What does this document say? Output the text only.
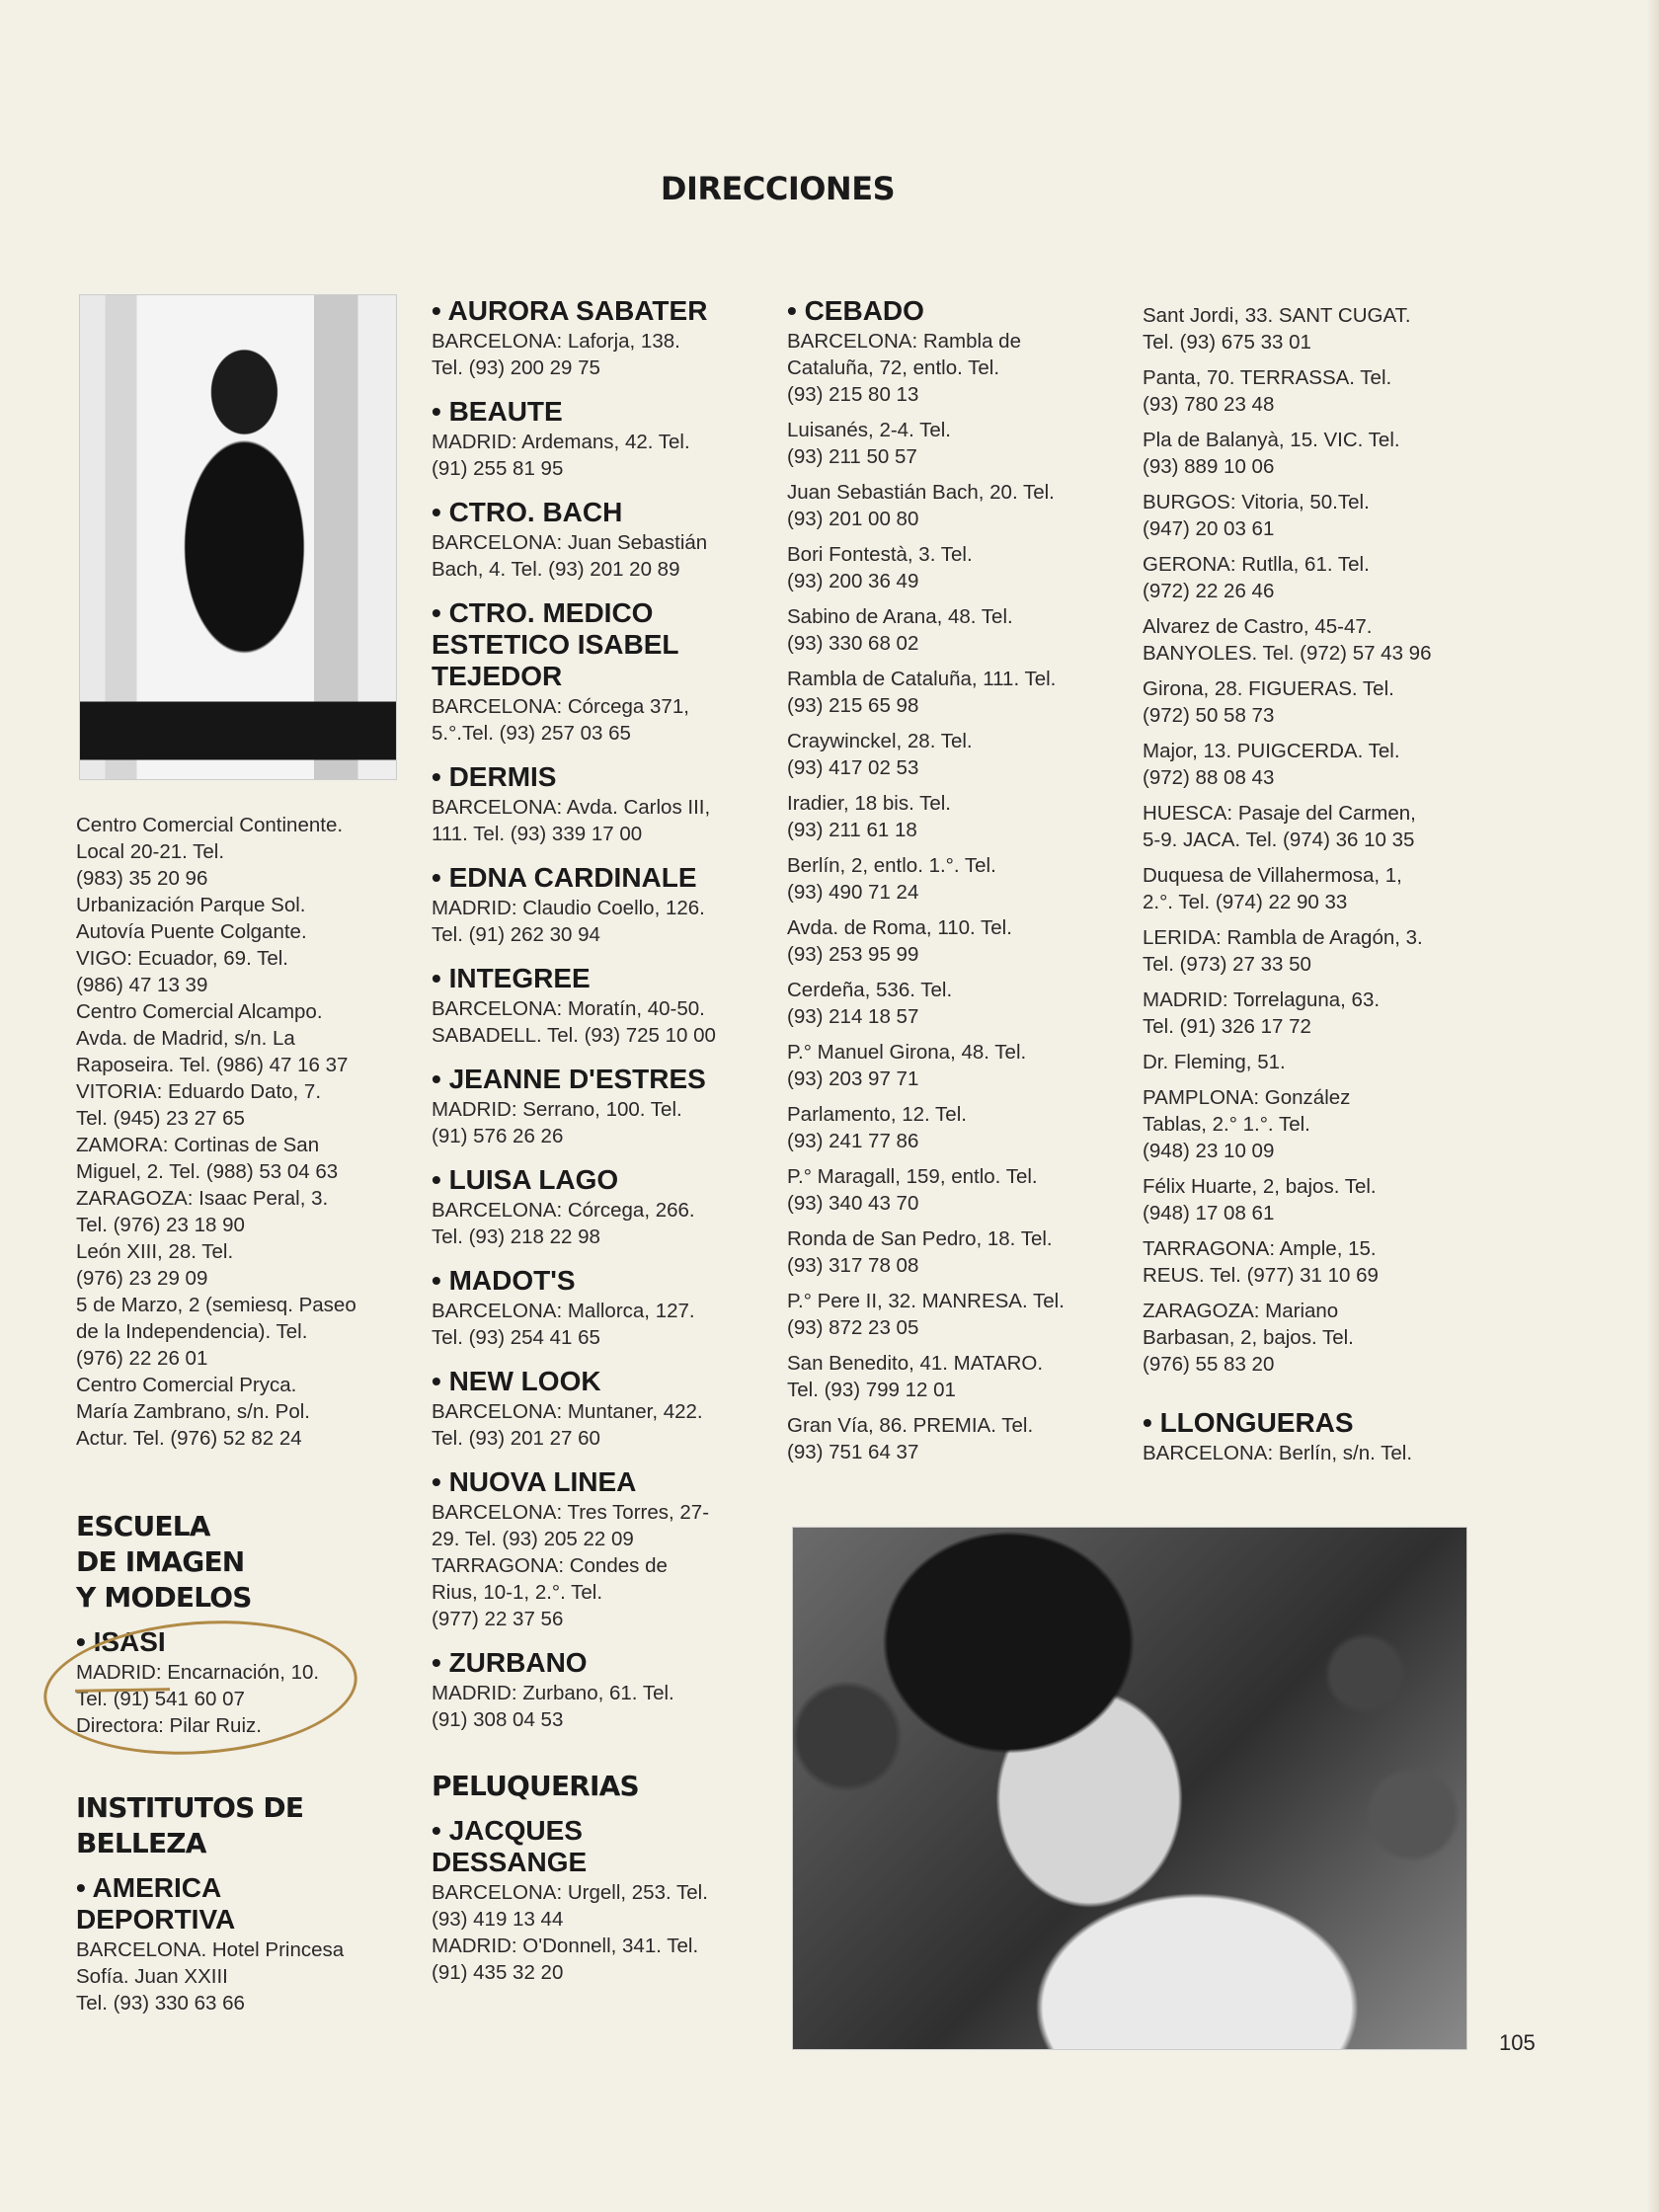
DIRECCIONES
Centro Comercial Continente.
Local 20-21. Tel.
(983) 35 20 96
Urbanización Parque Sol.
Autovía Puente Colgante.
VIGO: Ecuador, 69. Tel.
(986) 47 13 39
Centro Comercial Alcampo.
Avda. de Madrid, s/n. La
Raposeira. Tel. (986) 47 16 37
VITORIA: Eduardo Dato, 7.
Tel. (945) 23 27 65
ZAMORA: Cortinas de San
Miguel, 2. Tel. (988) 53 04 63
ZARAGOZA: Isaac Peral, 3.
Tel. (976) 23 18 90
León XIII, 28. Tel.
(976) 23 29 09
5 de Marzo, 2 (semiesq. Paseo
de la Independencia). Tel.
(976) 22 26 01
Centro Comercial Pryca.
María Zambrano, s/n. Pol.
Actur. Tel. (976) 52 82 24
ESCUELA
DE IMAGEN
Y MODELOS
• ISASI
MADRID: Encarnación, 10.
Tel. (91) 541 60 07
Directora: Pilar Ruiz.
INSTITUTOS DE
BELLEZA
• AMERICA
DEPORTIVA
BARCELONA. Hotel Princesa
Sofía. Juan XXIII
Tel. (93) 330 63 66
• AURORA SABATER
BARCELONA: Laforja, 138.
Tel. (93) 200 29 75
• BEAUTE
MADRID: Ardemans, 42. Tel.
(91) 255 81 95
• CTRO. BACH
BARCELONA: Juan Sebastián
Bach, 4. Tel. (93) 201 20 89
• CTRO. MEDICO
ESTETICO ISABEL
TEJEDOR
BARCELONA: Córcega 371,
5.°.Tel. (93) 257 03 65
• DERMIS
BARCELONA: Avda. Carlos III,
111. Tel. (93) 339 17 00
• EDNA CARDINALE
MADRID: Claudio Coello, 126.
Tel. (91) 262 30 94
• INTEGREE
BARCELONA: Moratín, 40-50.
SABADELL. Tel. (93) 725 10 00
• JEANNE D'ESTRES
MADRID: Serrano, 100. Tel.
(91) 576 26 26
• LUISA LAGO
BARCELONA: Córcega, 266.
Tel. (93) 218 22 98
• MADOT'S
BARCELONA: Mallorca, 127.
Tel. (93) 254 41 65
• NEW LOOK
BARCELONA: Muntaner, 422.
Tel. (93) 201 27 60
• NUOVA LINEA
BARCELONA: Tres Torres, 27-
29. Tel. (93) 205 22 09
TARRAGONA: Condes de
Rius, 10-1, 2.°. Tel.
(977) 22 37 56
• ZURBANO
MADRID: Zurbano, 61. Tel.
(91) 308 04 53
PELUQUERIAS
• JACQUES
DESSANGE
BARCELONA: Urgell, 253. Tel.
(93) 419 13 44
MADRID: O'Donnell, 341. Tel.
(91) 435 32 20
• CEBADO
BARCELONA: Rambla de
Cataluña, 72, entlo. Tel.
(93) 215 80 13
Luisanés, 2-4. Tel.
(93) 211 50 57
Juan Sebastián Bach, 20. Tel.
(93) 201 00 80
Bori Fontestà, 3. Tel.
(93) 200 36 49
Sabino de Arana, 48. Tel.
(93) 330 68 02
Rambla de Cataluña, 111. Tel.
(93) 215 65 98
Craywinckel, 28. Tel.
(93) 417 02 53
Iradier, 18 bis. Tel.
(93) 211 61 18
Berlín, 2, entlo. 1.°. Tel.
(93) 490 71 24
Avda. de Roma, 110. Tel.
(93) 253 95 99
Cerdeña, 536. Tel.
(93) 214 18 57
P.° Manuel Girona, 48. Tel.
(93) 203 97 71
Parlamento, 12. Tel.
(93) 241 77 86
P.° Maragall, 159, entlo. Tel.
(93) 340 43 70
Ronda de San Pedro, 18. Tel.
(93) 317 78 08
P.° Pere II, 32. MANRESA. Tel.
(93) 872 23 05
San Benedito, 41. MATARO.
Tel. (93) 799 12 01
Gran Vía, 86. PREMIA. Tel.
(93) 751 64 37
Sant Jordi, 33. SANT CUGAT.
Tel. (93) 675 33 01
Panta, 70. TERRASSA. Tel.
(93) 780 23 48
Pla de Balanyà, 15. VIC. Tel.
(93) 889 10 06
BURGOS: Vitoria, 50.Tel.
(947) 20 03 61
GERONA: Rutlla, 61. Tel.
(972) 22 26 46
Alvarez de Castro, 45-47.
BANYOLES. Tel. (972) 57 43 96
Girona, 28. FIGUERAS. Tel.
(972) 50 58 73
Major, 13. PUIGCERDA. Tel.
(972) 88 08 43
HUESCA: Pasaje del Carmen,
5-9. JACA. Tel. (974) 36 10 35
Duquesa de Villahermosa, 1,
2.°. Tel. (974) 22 90 33
LERIDA: Rambla de Aragón, 3.
Tel. (973) 27 33 50
MADRID: Torrelaguna, 63.
Tel. (91) 326 17 72
Dr. Fleming, 51.
PAMPLONA: González
Tablas, 2.° 1.°. Tel.
(948) 23 10 09
Félix Huarte, 2, bajos. Tel.
(948) 17 08 61
TARRAGONA: Ample, 15.
REUS. Tel. (977) 31 10 69
ZARAGOZA: Mariano
Barbasan, 2, bajos. Tel.
(976) 55 83 20
• LLONGUERAS
BARCELONA: Berlín, s/n. Tel.
105
